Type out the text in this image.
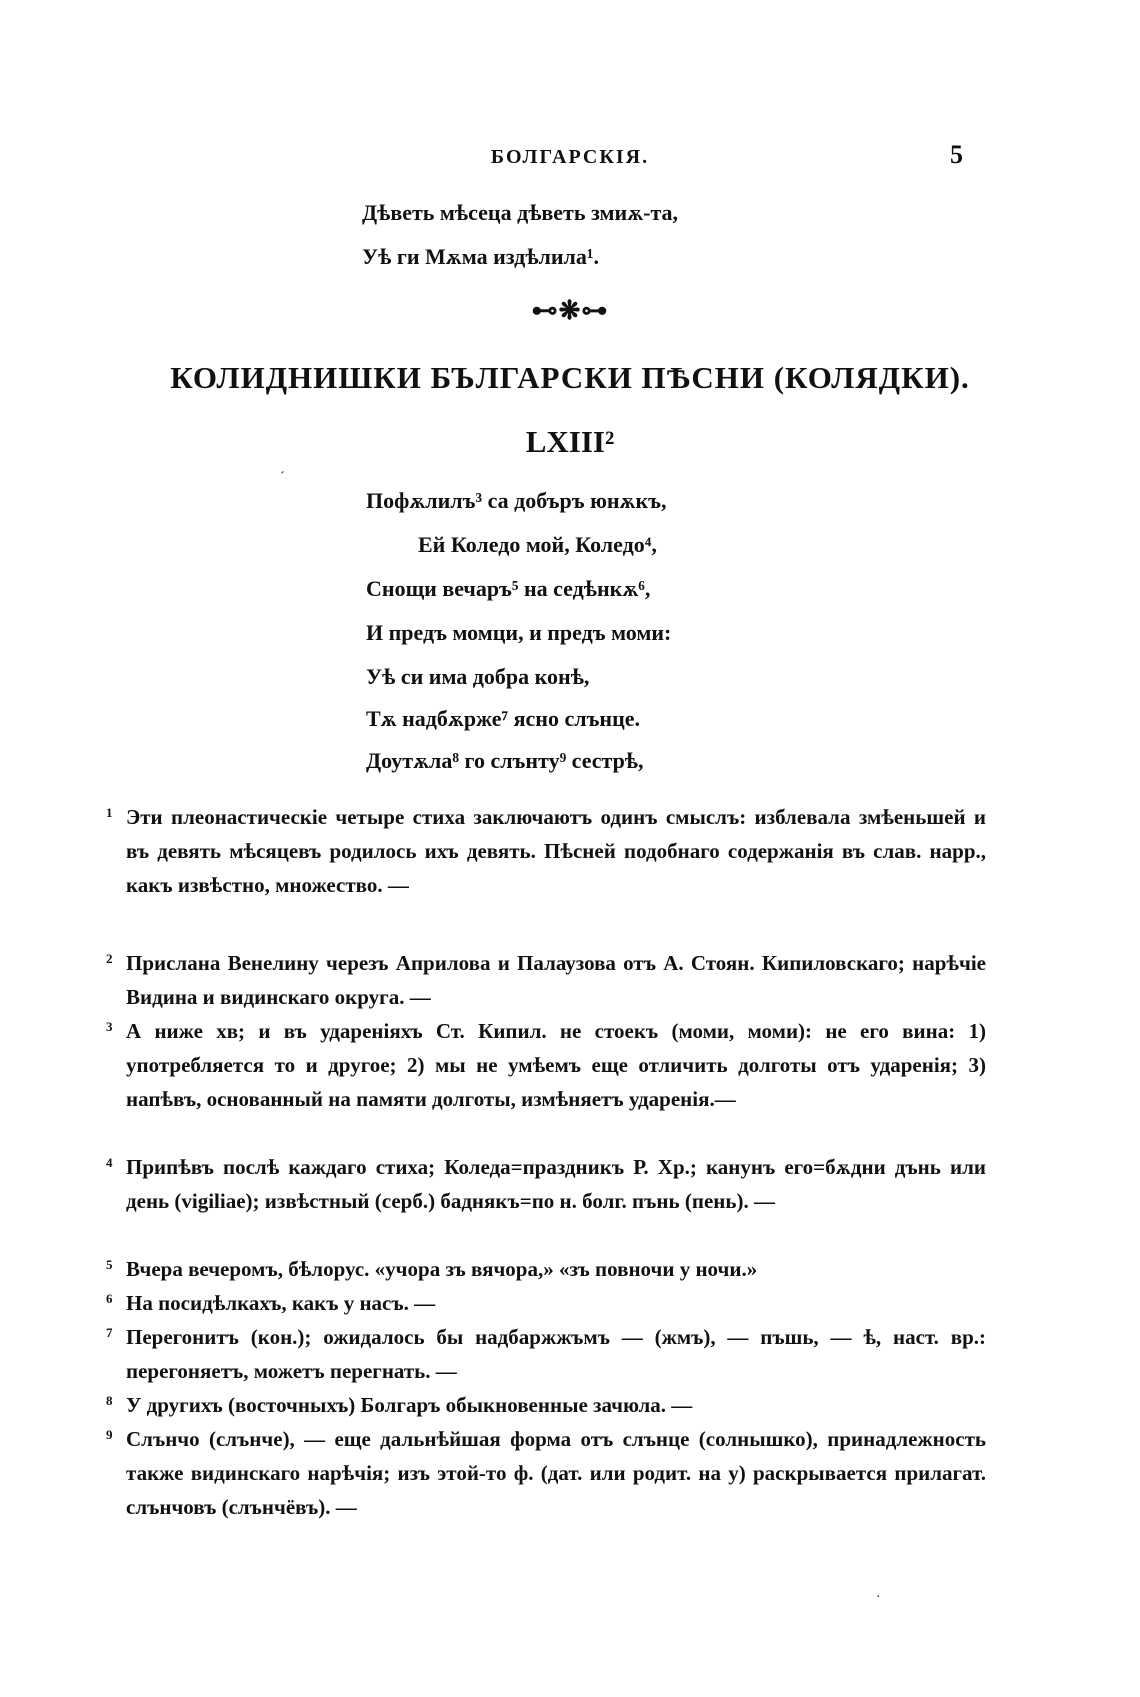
БОЛГАРСКІЯ.	5
Дѣветь мѣсеца дѣветь змиѫ-та,
Уѣ ги Мѫма издѣлила¹.
⊷❋⊶
КОЛИДНИШКИ БЪЛГАРСКИ ПѢСНИ (КОЛЯДКИ).
LXIII²
Пофѫлилъ³ са добъръ юнѫкъ,
Ей Коледо мой, Коледо⁴,
Снощи вечаръ⁵ на седѣнкѫ⁶,
И предъ момци, и предъ моми:
Уѣ си има добра конѣ,
Тѫ надбѫрже⁷ ясно слънце.
Доутѫла⁸ го слънту⁹ сестрѣ,
1 Эти плеонастическіе четыре стиха заключаютъ одинъ смыслъ: изблевала змѣеньшей и въ девять мѣсяцевъ родилось ихъ девять. Пѣсней подобнаго содержанія въ слав. нарр., какъ извѣстно, множество. —
2 Прислана Венелину черезъ Априлова и Палаузова отъ А. Стоян. Кипиловскаго; нарѣчіе Видина и видинскаго округа. —
3 А ниже хв; и въ удареніяхъ Ст. Кипил. не стоекъ (моми, моми): не его вина: 1) употребляется то и другое; 2) мы не умѣемъ еще отличить долготы отъ ударенія; 3) напѣвъ, основанный на памяти долготы, измѣняетъ ударенія.—
4 Припѣвъ послѣ каждаго стиха; Коледа=праздникъ Р. Хр.; канунъ его=бѫдни дънь или день (vigiliae); извѣстный (серб.) баднякъ=по н. болг. пънь (пень). —
5 Вчера вечеромъ, бѣлорус. «учора зъ вячора,» «зъ повночи у ночи.»
6 На посидѣлкахъ, какъ у насъ. —
7 Перегонитъ (кон.); ожидалось бы надбаржжъмъ — (жмъ), — пъшь, — ѣ, наст. вр.: перегоняетъ, можетъ перегнать. —
8 У другихъ (восточныхъ) Болгаръ обыкновенные зачюла. —
9 Слънчо (слънче), — еще дальнѣйшая форма отъ слънце (солнышко), принадлежность также видинскаго нарѣчія; изъ этой-то ф. (дат. или родит. на у) раскрывается прилагат. слънчовъ (слънчёвъ). —
ˊ
·
